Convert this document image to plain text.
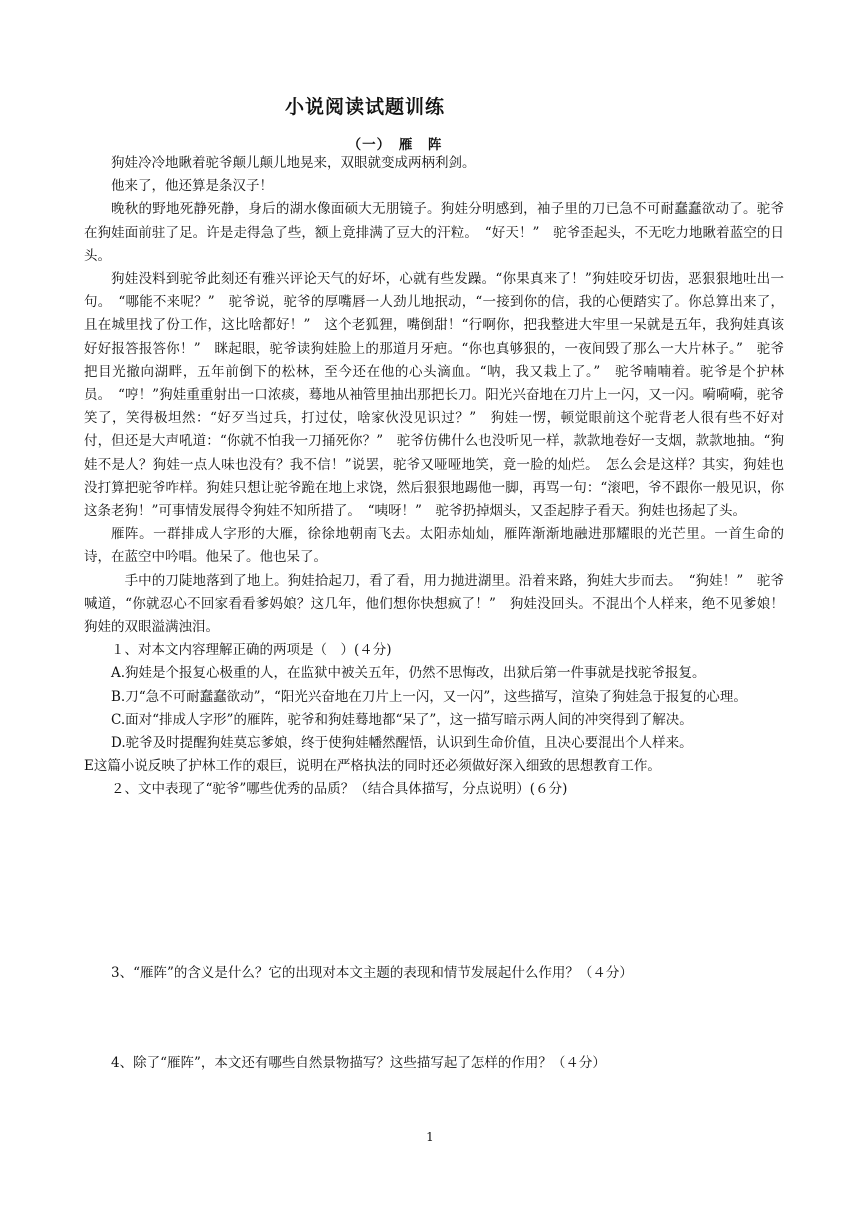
小说阅读试题训练
（一）　雁　阵

狗娃冷冷地瞅着驼爷颠儿颠儿地晃来，双眼就变成两柄利剑。

他来了，他还算是条汉子！

晚秋的野地死静死静，身后的湖水像面硕大无朋镜子。狗娃分明感到，袖子里的刀已急不可耐蠢蠢欲动了。驼爷在狗娃面前驻了足。许是走得急了些，额上竟排满了豆大的汗粒。　“好天！”　驼爷歪起头，不无吃力地瞅着蓝空的日头。

狗娃没料到驼爷此刻还有雅兴评论天气的好坏，心就有些发躁。“你果真来了！”狗娃咬牙切齿，恶狠狠地吐出一句。　“哪能不来呢？”　驼爷说，驼爷的厚嘴唇一人劲儿地抿动，“一接到你的信，我的心便踏实了。你总算出来了，且在城里找了份工作，这比啥都好！”　这个老狐狸，嘴倒甜！“行啊你，把我整进大牢里一呆就是五年，我狗娃真该好好报答报答你！”　眯起眼，驼爷读狗娃脸上的那道月牙疤。“你也真够狠的，一夜间毁了那么一大片林子。”　驼爷把目光撤向湖畔，五年前倒下的松林，至今还在他的心头滴血。“呐，我又栽上了。”　驼爷喃喃着。驼爷是个护林员。　“哼！”狗娃重重射出一口浓痰，蓦地从袖管里抽出那把长刀。阳光兴奋地在刀片上一闪，又一闪。嗬嗬嗬，驼爷笑了，笑得极坦然：“好歹当过兵，打过仗，啥家伙没见识过？”　狗娃一愣，顿觉眼前这个驼背老人很有些不好对付，但还是大声吼道：“你就不怕我一刀捅死你？”　驼爷仿佛什么也没听见一样，款款地卷好一支烟，款款地抽。“狗娃不是人？狗娃一点人味也没有？我不信！”说罢，驼爷又哑哑地笑，竟一脸的灿烂。　怎么会是这样？其实，狗娃也没打算把驼爷咋样。狗娃只想让驼爷跪在地上求饶，然后狠狠地踢他一脚，再骂一句：“滚吧，爷不跟你一般见识，你这条老狗！”可事情发展得令狗娃不知所措了。　“咦呀！”　驼爷扔掉烟头，又歪起脖子看天。狗娃也扬起了头。

雁阵。一群排成人字形的大雁，徐徐地朝南飞去。太阳赤灿灿，雁阵渐渐地融进那耀眼的光芒里。一首生命的诗，在蓝空中吟唱。他呆了。他也呆了。

　手中的刀陡地落到了地上。狗娃拾起刀，看了看，用力抛进湖里。沿着来路，狗娃大步而去。　“狗娃！”　驼爷喊道，“你就忍心不回家看看爹妈娘？这几年，他们想你快想疯了！”　狗娃没回头。不混出个人样来，绝不见爹娘！狗娃的双眼溢满浊泪。

１、对本文内容理解正确的两项是（　）(４分)

A.狗娃是个报复心极重的人，在监狱中被关五年，仍然不思悔改，出狱后第一件事就是找驼爷报复。

B.刀“急不可耐蠢蠢欲动”，“阳光兴奋地在刀片上一闪，又一闪”，这些描写，渲染了狗娃急于报复的心理。

C.面对“排成人字形”的雁阵，驼爷和狗娃蓦地都“呆了”，这一描写暗示两人间的冲突得到了解决。

D.驼爷及时提醒狗娃莫忘爹娘，终于使狗娃幡然醒悟，认识到生命价值，且决心要混出个人样来。

E这篇小说反映了护林工作的艰巨，说明在严格执法的同时还必须做好深入细致的思想教育工作。

２、文中表现了“驼爷”哪些优秀的品质？（结合具体描写，分点说明）(６分)

3、“雁阵”的含义是什么？它的出现对本文主题的表现和情节发展起什么作用？（４分）

4、除了“雁阵”，本文还有哪些自然景物描写？这些描写起了怎样的作用？（４分）

1
